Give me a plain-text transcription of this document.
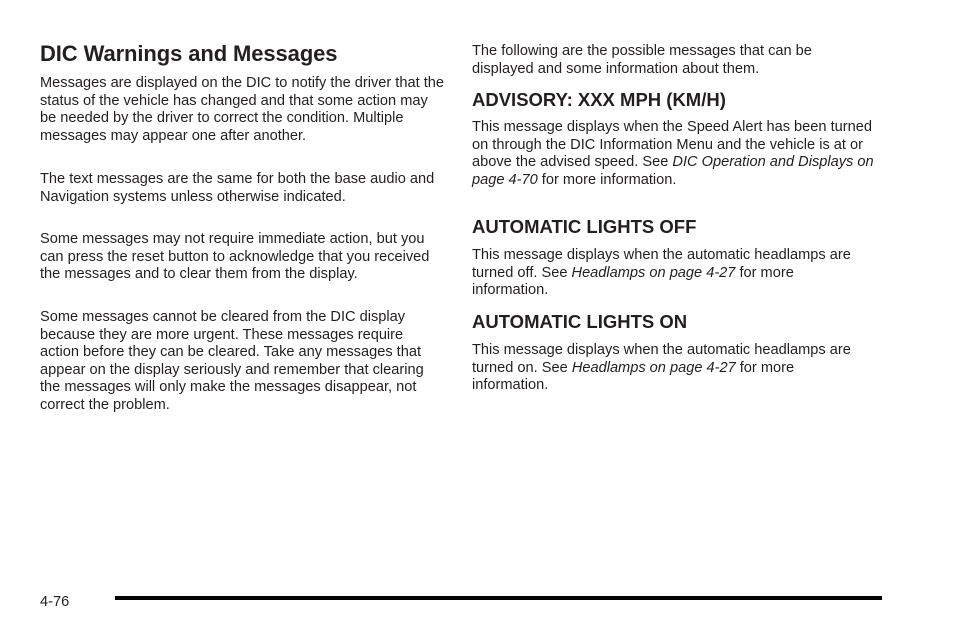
DIC Warnings and Messages

Messages are displayed on the DIC to notify the driver that the status of the vehicle has changed and that some action may be needed by the driver to correct the condition. Multiple messages may appear one after another.

The text messages are the same for both the base audio and Navigation systems unless otherwise indicated.

Some messages may not require immediate action, but you can press the reset button to acknowledge that you received the messages and to clear them from the display.

Some messages cannot be cleared from the DIC display because they are more urgent. These messages require action before they can be cleared. Take any messages that appear on the display seriously and remember that clearing the messages will only make the messages disappear, not correct the problem.

The following are the possible messages that can be displayed and some information about them.

ADVISORY: XXX MPH (KM/H)

This message displays when the Speed Alert has been turned on through the DIC Information Menu and the vehicle is at or above the advised speed. See DIC Operation and Displays on page 4-70 for more information.

AUTOMATIC LIGHTS OFF

This message displays when the automatic headlamps are turned off. See Headlamps on page 4-27 for more information.

AUTOMATIC LIGHTS ON

This message displays when the automatic headlamps are turned on. See Headlamps on page 4-27 for more information.

4-76
